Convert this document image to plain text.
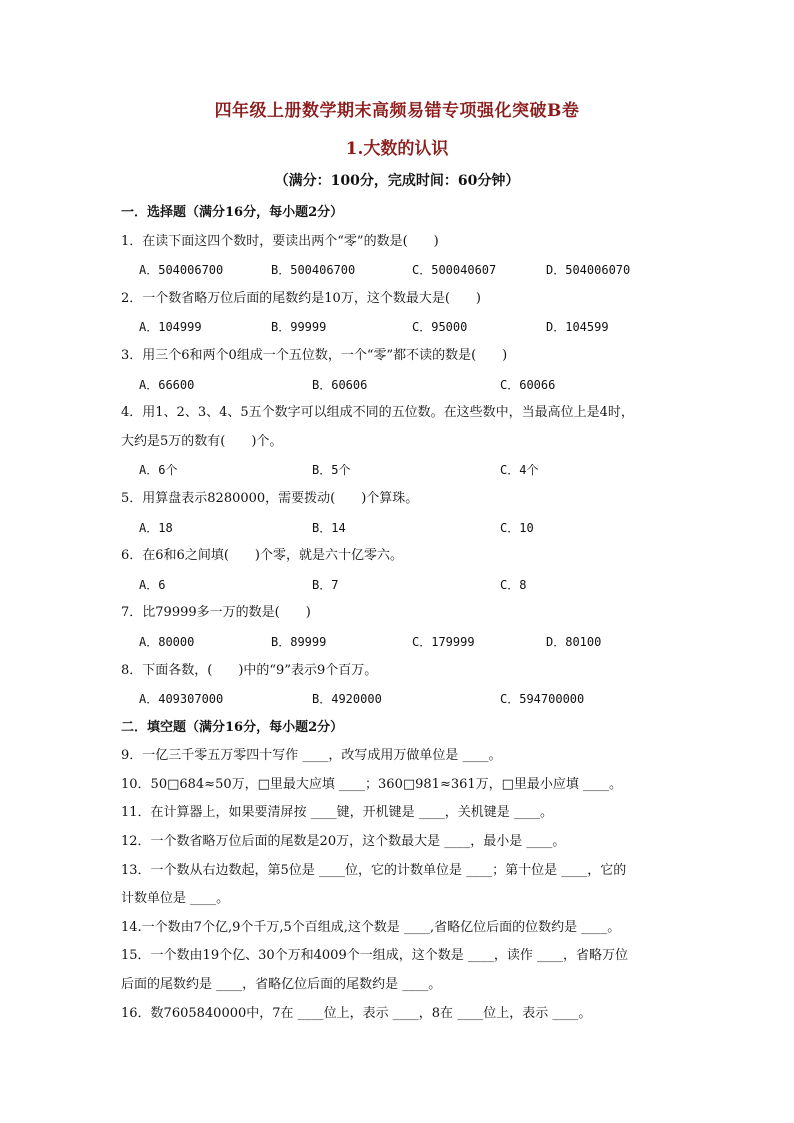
四年级上册数学期末高频易错专项强化突破B卷
1.大数的认识
（满分：100分，完成时间：60分钟）
一．选择题（满分16分，每小题2分）
1．在读下面这四个数时，要读出两个“零”的数是(　　)
A．504006700	B．500406700	C．500040607	D．504006070
2．一个数省略万位后面的尾数约是10万，这个数最大是(　　)
A．104999	B．99999	C．95000	D．104599
3．用三个6和两个0组成一个五位数，一个“零”都不读的数是(　　)
A．66600	B．60606	C．60066
4．用1、2、3、4、5五个数字可以组成不同的五位数。在这些数中，当最高位上是4时，
大约是5万的数有(　　)个。
A．6个	B．5个	C．4个
5．用算盘表示8280000，需要拨动(　　)个算珠。
A．18	B．14	C．10
6．在6和6之间填(　　)个零，就是六十亿零六。
A．6	B．7	C．8
7．比79999多一万的数是(　　)
A．80000	B．89999	C．179999	D．80100
8．下面各数，(　　)中的“9”表示9个百万。
A．409307000	B．4920000	C．594700000
二．填空题（满分16分，每小题2分）
9．一亿三千零五万零四十写作 ____，改写成用万做单位是 ____。
10．50□684≈50万，□里最大应填 ____；360□981≈361万，□里最小应填 ____。
11．在计算器上，如果要清屏按 ____键，开机键是 ____，关机键是 ____。
12．一个数省略万位后面的尾数是20万，这个数最大是 ____，最小是 ____。
13．一个数从右边数起，第5位是 ____位，它的计数单位是 ____；第十位是 ____，它的
计数单位是 ____。
14.一个数由7个亿,9个千万,5个百组成,这个数是 ____,省略亿位后面的位数约是 ____。
15．一个数由19个亿、30个万和4009个一组成，这个数是 ____，读作 ____，省略万位
后面的尾数约是 ____，省略亿位后面的尾数约是 ____。
16．数7605840000中，7在 ____位上，表示 ____，8在 ____位上，表示 ____。
